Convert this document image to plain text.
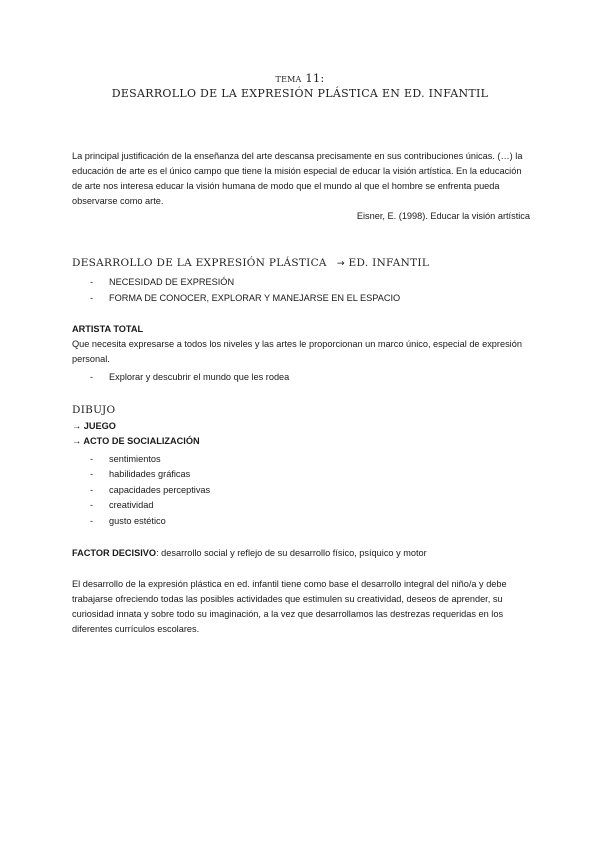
tema 11:
DESARROLLO DE LA EXPRESIÓN PLÁSTICA EN ED. INFANTIL

La principal justificación de la enseñanza del arte descansa precisamente en sus contribuciones únicas. (…) la educación de arte es el único campo que tiene la misión especial de educar la visión artística. En la educación de arte nos interesa educar la visión humana de modo que el mundo al que el hombre se enfrenta pueda observarse como arte.

Eisner, E. (1998). Educar la visión artística

DESARROLLO DE LA EXPRESIÓN PLÁSTICA → ED. INFANTIL
- NECESIDAD DE EXPRESIÓN
- FORMA DE CONOCER, EXPLORAR Y MANEJARSE EN EL ESPACIO

ARTISTA TOTAL

Que necesita expresarse a todos los niveles y las artes le proporcionan un marco único, especial de expresión personal.

- Explorar y descubrir el mundo que les rodea
DIBUJO

→ JUEGO

→ ACTO DE SOCIALIZACIÓN

- sentimientos
- habilidades gráficas
- capacidades perceptivas
- creatividad
- gusto estético

FACTOR DECISIVO: desarrollo social y reflejo de su desarrollo físico, psíquico y motor

El desarrollo de la expresión plástica en ed. infantil tiene como base el desarrollo integral del niño/a y debe trabajarse ofreciendo todas las posibles actividades que estimulen su creatividad, deseos de aprender, su curiosidad innata y sobre todo su imaginación, a la vez que desarrollamos las destrezas requeridas en los diferentes currículos escolares.
